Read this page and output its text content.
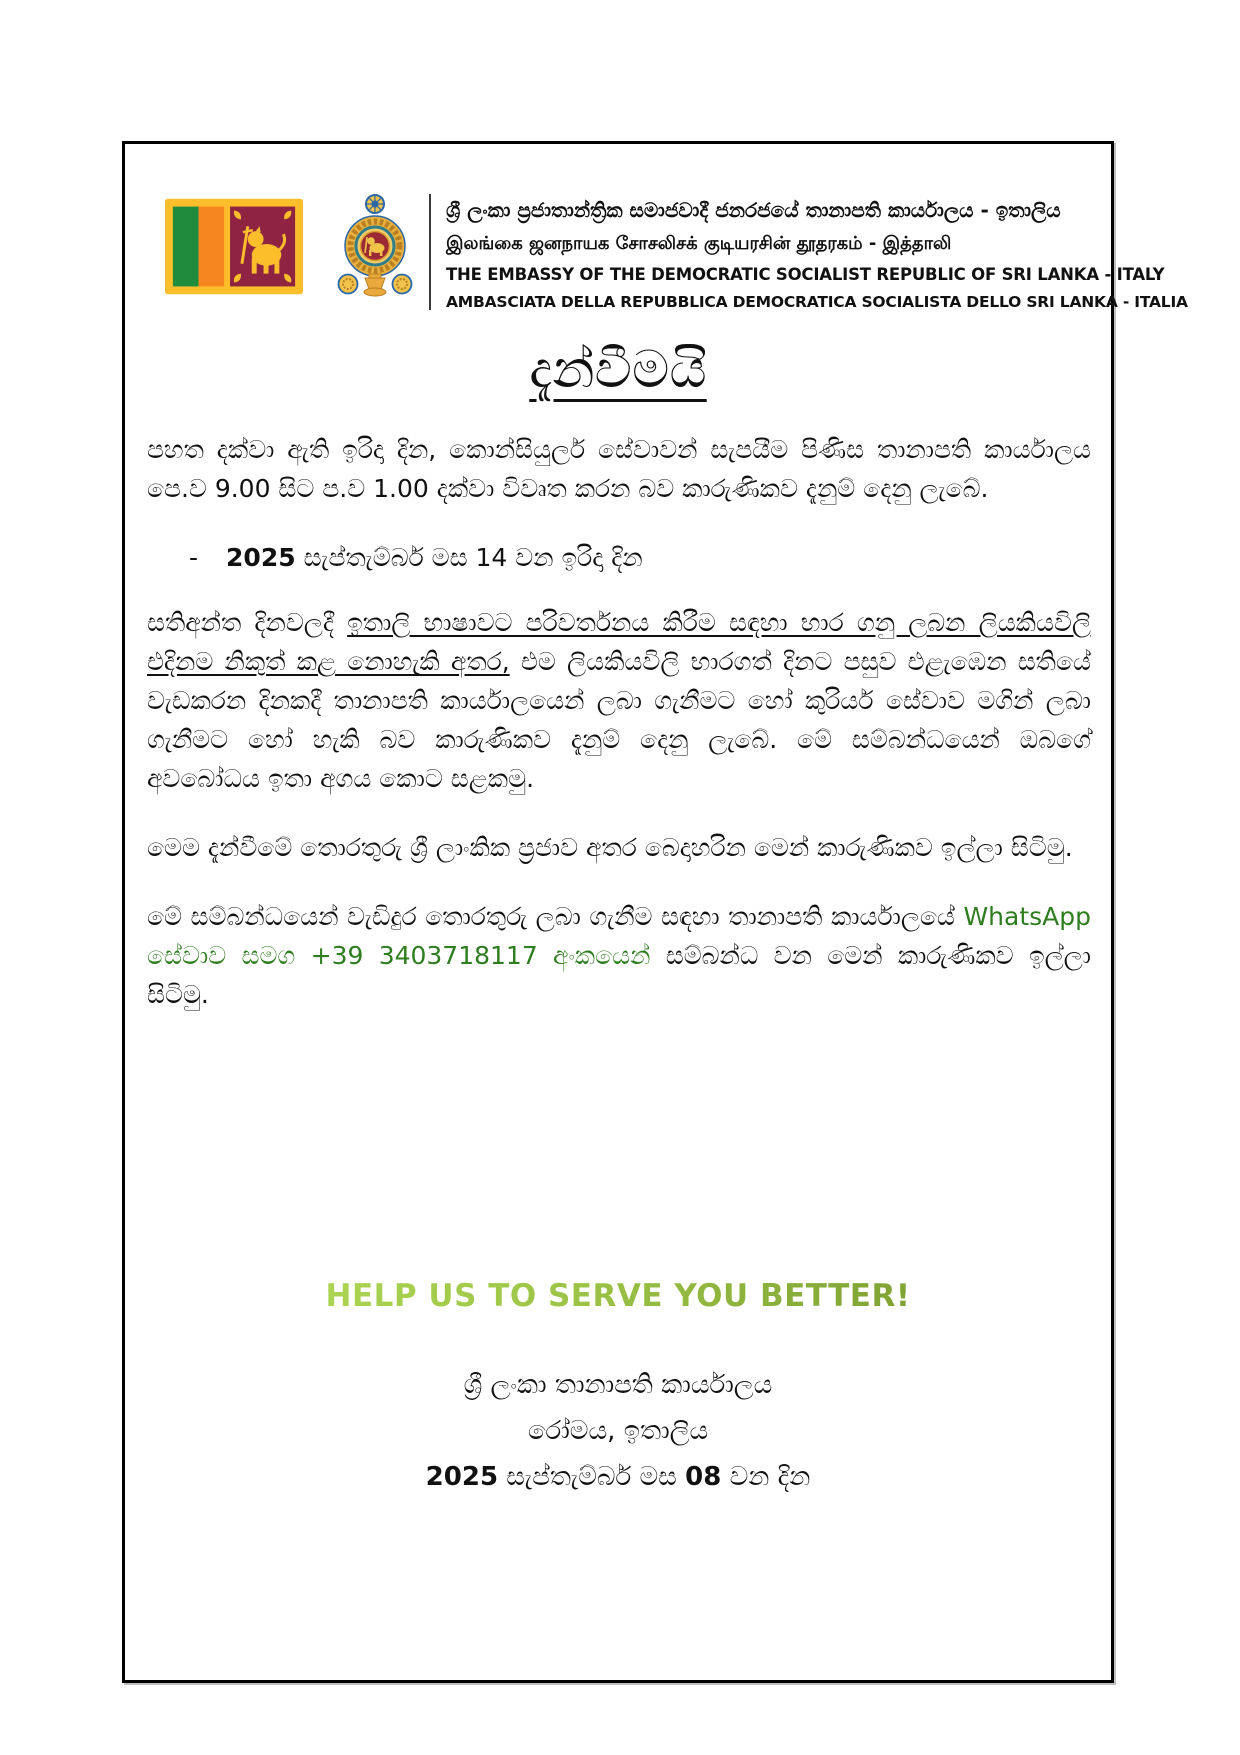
ශ්‍රී ලංකා ප්‍රජාතාන්ත්‍රික සමාජවාදී ජනරජයේ තානාපති කාර්යාලය - ඉතාලිය
இலங்கை ஜனநாயக சோசலிசக் குடியரசின் தூதரகம் - இத்தாலி
THE EMBASSY OF THE DEMOCRATIC SOCIALIST REPUBLIC OF SRI LANKA - ITALY
AMBASCIATA DELLA REPUBBLICA DEMOCRATICA SOCIALISTA DELLO SRI LANKA - ITALIA
දැන්වීමයි

පහත දක්වා ඇති ඉරිදා දින, කොන්සියුලර් සේවාවන් සැපයීම පිණිස තානාපති කාර්යාලය පෙ.ව 9.00 සිට ප.ව 1.00 දක්වා විවෘත කරන බව කාරුණිකව දැනුම් දෙනු ලැබේ.

- 2025 සැප්තැම්බර් මස 14 වන ඉරිදා දින

සතිඅන්ත දිනවලදී ඉතාලි භාෂාවට පරිවර්තනය කිරීම සඳහා භාර ගනු ලබන ලියකියවිලි එදිනම නිකුත් කළ නොහැකි අතර, එම ලියකියවිලි භාරගත් දිනට පසුව එළැඹෙන සතියේ වැඩකරන දිනකදී තානාපති කාර්යාලයෙන් ලබා ගැනීමට හෝ කුරියර් සේවාව මගින් ලබා ගැනීමට හෝ හැකි බව කාරුණිකව දැනුම් දෙනු ලැබේ. මේ සම්බන්ධයෙන් ඔබගේ අවබෝධය ඉතා අගය කොට සළකමු.

මෙම දැන්වීමේ තොරතුරු ශ්‍රී ලාංකික ප්‍රජාව අතර බෙදාහරින මෙන් කාරුණිකව ඉල්ලා සිටිමු.

මේ සම්බන්ධයෙන් වැඩිදුර තොරතුරු ලබා ගැනීම සඳහා තානාපති කාර්යාලයේ WhatsApp සේවාව සමග +39 3403718117 අංකයෙන් සම්බන්ධ වන මෙන් කාරුණිකව ඉල්ලා සිටිමු.

HELP US TO SERVE YOU BETTER!
ශ්‍රී ලංකා තානාපති කාර්යාලය
රෝමය, ඉතාලිය
2025 සැප්තැම්බර් මස 08 වන දින
